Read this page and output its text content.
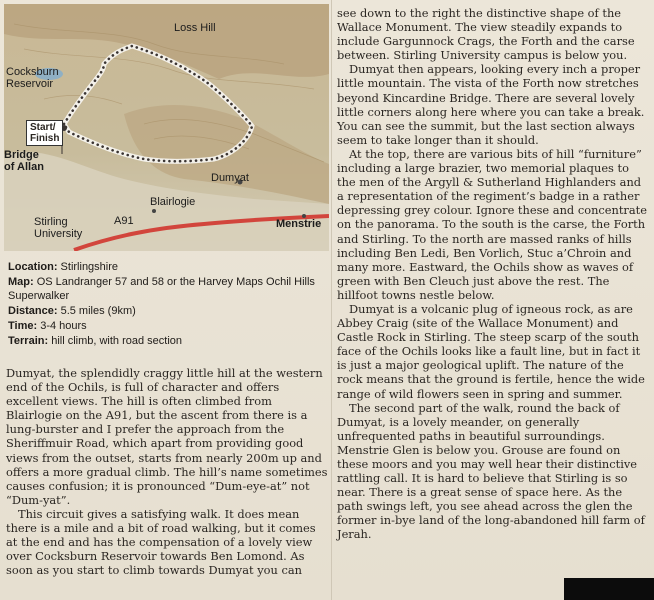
Loss Hill
Cocksburn
Reservoir
Start/
Finish
Bridge
of Allan
Dumyat
Blairlogie
A91	Menstrie
Stirling
University
Location: Stirlingshire
Map: OS Landranger 57 and 58 or the Harvey Maps Ochil Hills Superwalker
Distance: 5.5 miles (9km)
Time: 3-4 hours
Terrain: hill climb, with road section

Dumyat, the splendidly craggy little hill at the western end of the Ochils, is full of character and offers excellent views. The hill is often climbed from Blairlogie on the A91, but the ascent from there is a lung-burster and I prefer the approach from the Sheriffmuir Road, which apart from providing good views from the outset, starts from nearly 200m up and offers a more gradual climb. The hill’s name sometimes causes confusion; it is pronounced “Dum-eye-at” not “Dum-yat”.

This circuit gives a satisfying walk. It does mean there is a mile and a bit of road walking, but it comes at the end and has the compensation of a lovely view over Cocksburn Reservoir towards Ben Lomond. As soon as you start to climb towards Dumyat you can

see down to the right the distinctive shape of the Wallace Monument. The view steadily expands to include Gargunnock Crags, the Forth and the carse between. Stirling University campus is below you.

Dumyat then appears, looking every inch a proper little mountain. The vista of the Forth now stretches beyond Kincardine Bridge. There are several lovely little corners along here where you can take a break. You can see the summit, but the last section always seem to take longer than it should.

At the top, there are various bits of hill “furniture” including a large brazier, two memorial plaques to the men of the Argyll & Sutherland Highlanders and a representation of the regiment’s badge in a rather depressing grey colour. Ignore these and concentrate on the panorama. To the south is the carse, the Forth and Stirling. To the north are massed ranks of hills including Ben Ledi, Ben Vorlich, Stuc a’Chroin and many more. Eastward, the Ochils show as waves of green with Ben Cleuch just above the rest. The hillfoot towns nestle below.

Dumyat is a volcanic plug of igneous rock, as are Abbey Craig (site of the Wallace Monument) and Castle Rock in Stirling. The steep scarp of the south face of the Ochils looks like a fault line, but in fact it is just a major geological uplift. The nature of the rock means that the ground is fertile, hence the wide range of wild flowers seen in spring and summer.

The second part of the walk, round the back of Dumyat, is a lovely meander, on generally unfrequented paths in beautiful surroundings. Menstrie Glen is below you. Grouse are found on these moors and you may well hear their distinctive rattling call. It is hard to believe that Stirling is so near. There is a great sense of space here. As the path swings left, you see ahead across the glen the former in-bye land of the long-abandoned hill farm of Jerah.
